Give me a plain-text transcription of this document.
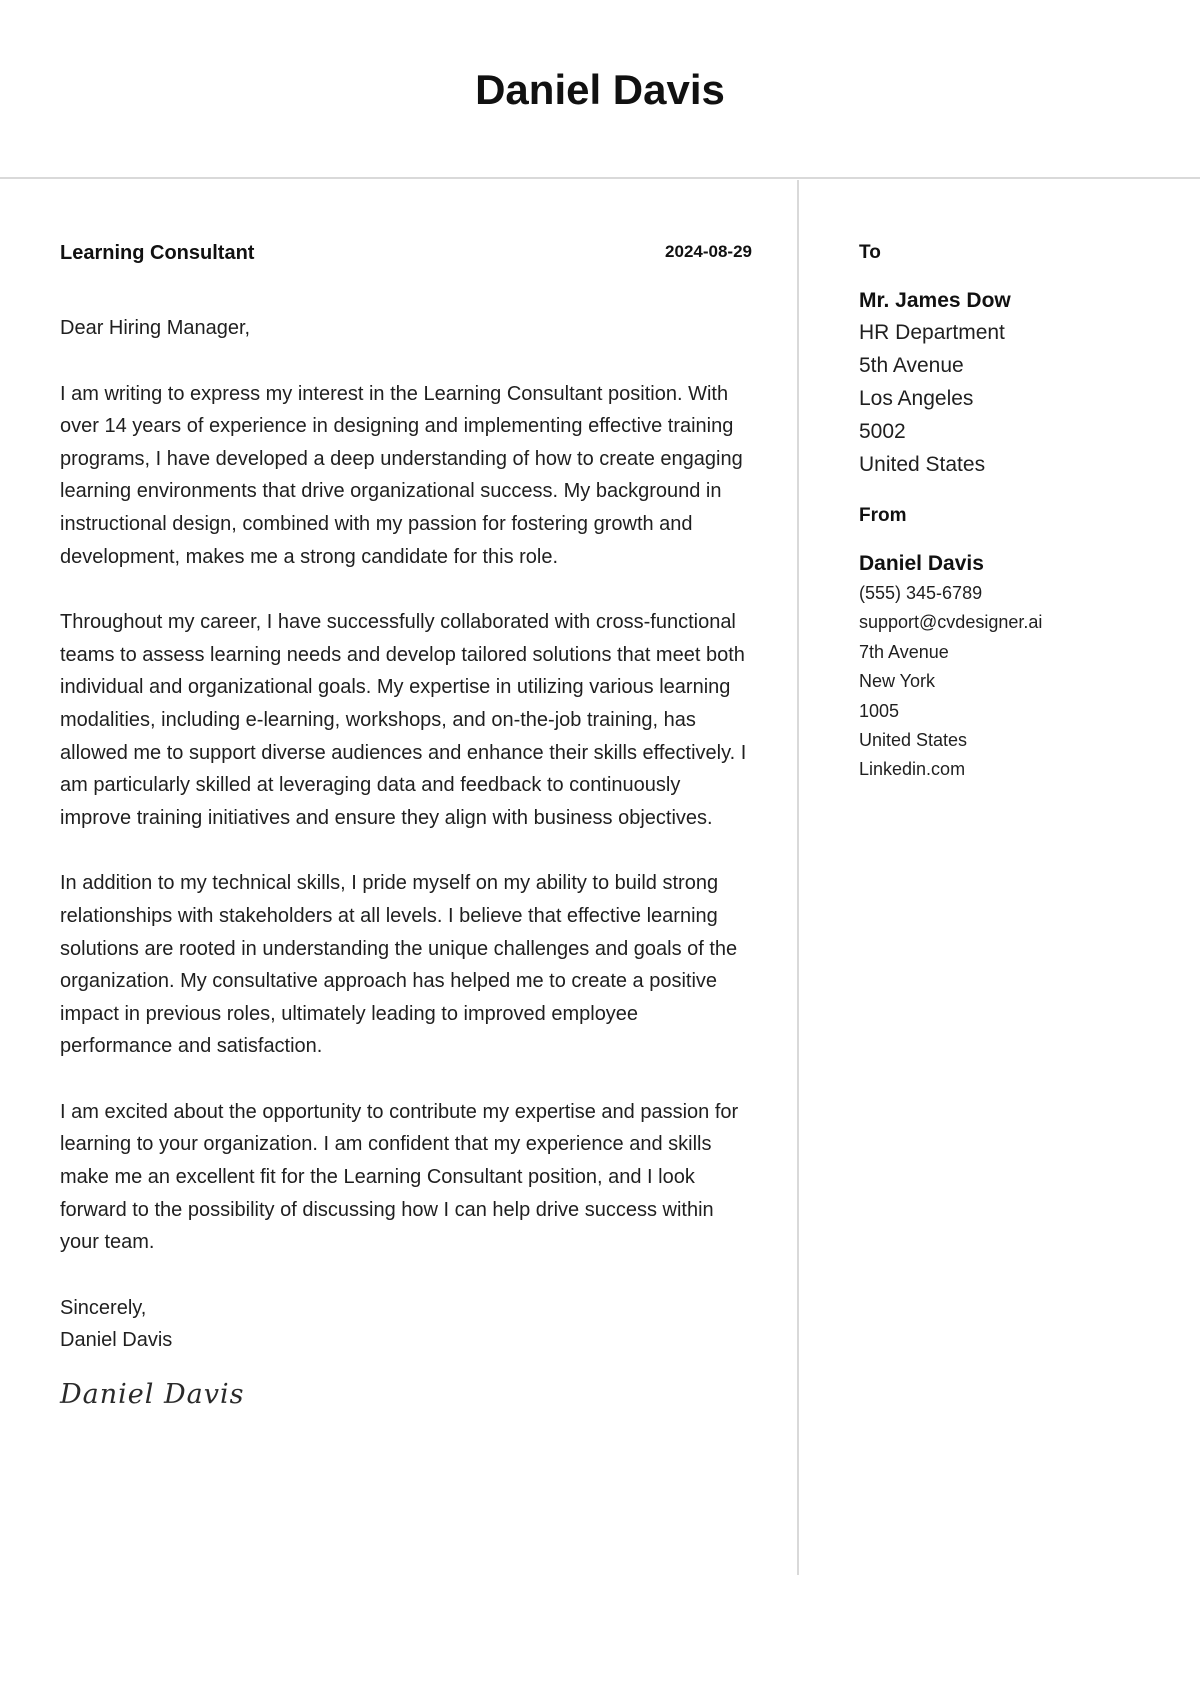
Daniel Davis
Learning Consultant	2024-08-29

Dear Hiring Manager,

I am writing to express my interest in the Learning Consultant position. With over 14 years of experience in designing and implementing effective training programs, I have developed a deep understanding of how to create engaging learning environments that drive organizational success. My background in instructional design, combined with my passion for fostering growth and development, makes me a strong candidate for this role.

Throughout my career, I have successfully collaborated with cross-functional teams to assess learning needs and develop tailored solutions that meet both individual and organizational goals. My expertise in utilizing various learning modalities, including e-learning, workshops, and on-the-job training, has allowed me to support diverse audiences and enhance their skills effectively. I am particularly skilled at leveraging data and feedback to continuously improve training initiatives and ensure they align with business objectives.

In addition to my technical skills, I pride myself on my ability to build strong relationships with stakeholders at all levels. I believe that effective learning solutions are rooted in understanding the unique challenges and goals of the organization. My consultative approach has helped me to create a positive impact in previous roles, ultimately leading to improved employee performance and satisfaction.

I am excited about the opportunity to contribute my expertise and passion for learning to your organization. I am confident that my experience and skills make me an excellent fit for the Learning Consultant position, and I look forward to the possibility of discussing how I can help drive success within your team.

Sincerely,
Daniel Davis
Daniel Davis
To
Mr. James Dow
HR Department
5th Avenue
Los Angeles
5002
United States
From
Daniel Davis
(555) 345-6789
support@cvdesigner.ai
7th Avenue
New York
1005
United States
Linkedin.com
